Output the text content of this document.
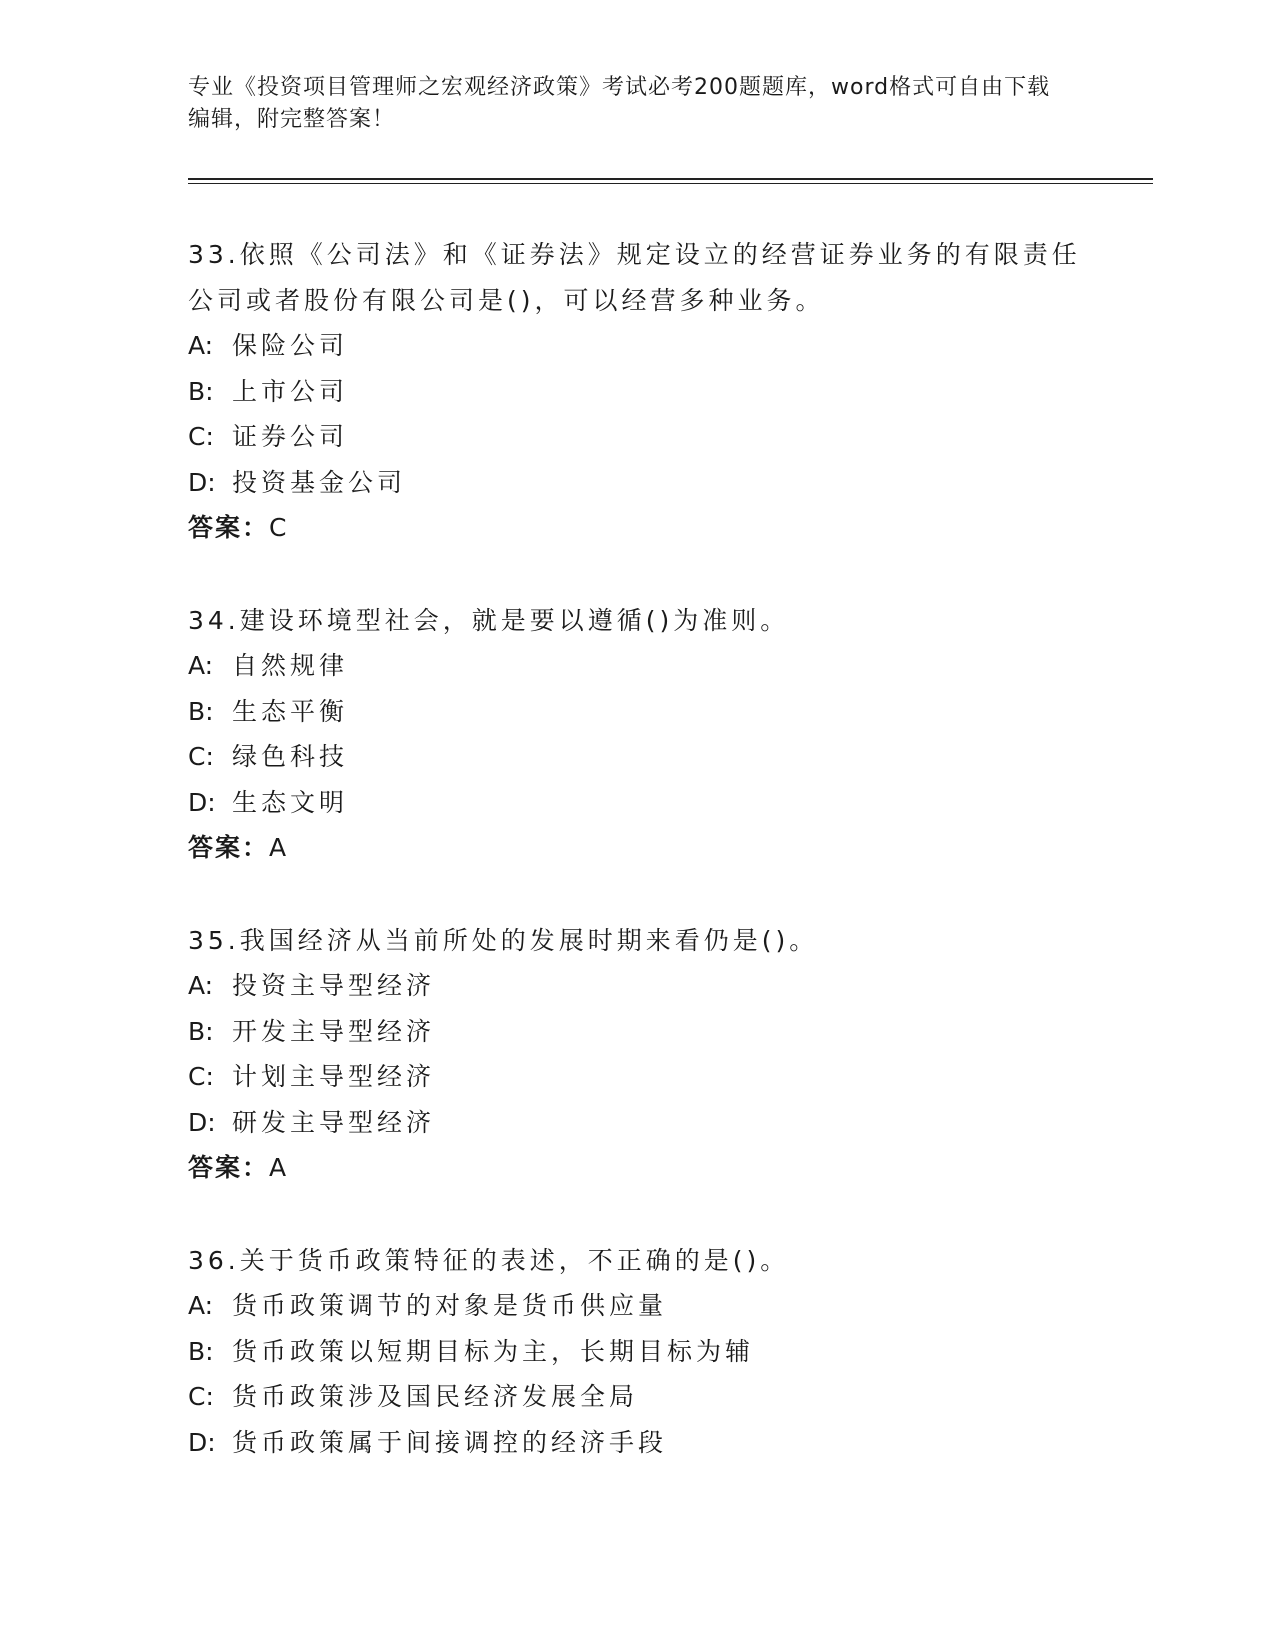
专业《投资项目管理师之宏观经济政策》考试必考200题题库，word格式可自由下载编辑，附完整答案！
33.依照《公司法》和《证券法》规定设立的经营证券业务的有限责任公司或者股份有限公司是()，可以经营多种业务。
A: 保险公司
B: 上市公司
C: 证券公司
D: 投资基金公司
答案：C
34.建设环境型社会，就是要以遵循()为准则。
A: 自然规律
B: 生态平衡
C: 绿色科技
D: 生态文明
答案：A
35.我国经济从当前所处的发展时期来看仍是()。
A: 投资主导型经济
B: 开发主导型经济
C: 计划主导型经济
D: 研发主导型经济
答案：A
36.关于货币政策特征的表述，不正确的是()。
A: 货币政策调节的对象是货币供应量
B: 货币政策以短期目标为主，长期目标为辅
C: 货币政策涉及国民经济发展全局
D: 货币政策属于间接调控的经济手段
